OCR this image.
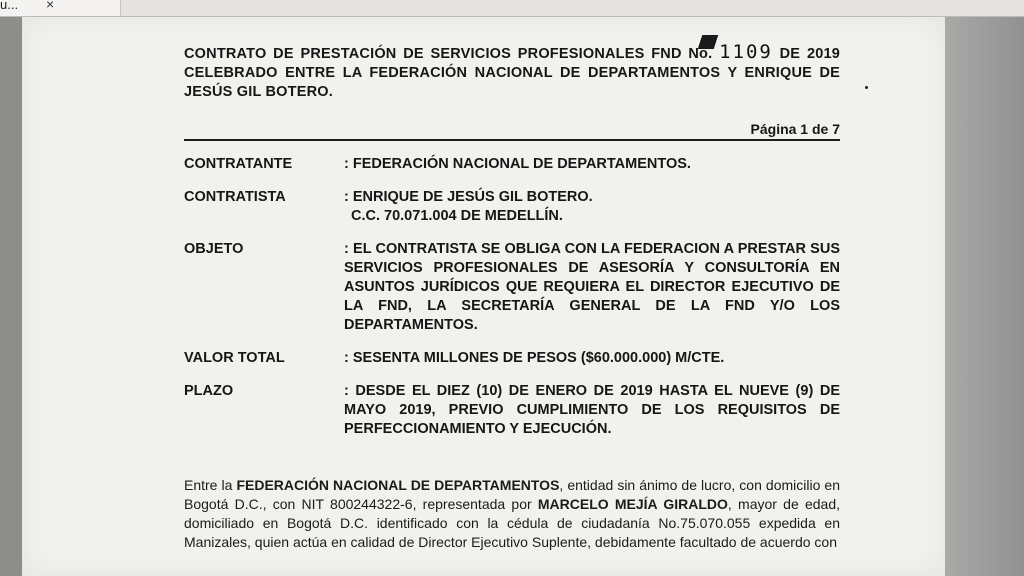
u... ×

CONTRATO DE PRESTACIÓN DE SERVICIOS PROFESIONALES FND No. 1109 DE 2019 CELEBRADO ENTRE LA FEDERACIÓN NACIONAL DE DEPARTAMENTOS Y ENRIQUE DE JESÚS GIL BOTERO.

Página 1 de 7
CONTRATANTE	: FEDERACIÓN NACIONAL DE DEPARTAMENTOS.
CONTRATISTA	: ENRIQUE DE JESÚS GIL BOTERO.
C.C. 70.071.004 DE MEDELLÍN.
OBJETO	: EL CONTRATISTA SE OBLIGA CON LA FEDERACION A PRESTAR SUS SERVICIOS PROFESIONALES DE ASESORÍA Y CONSULTORÍA EN ASUNTOS JURÍDICOS QUE REQUIERA EL DIRECTOR EJECUTIVO DE LA FND, LA SECRETARÍA GENERAL DE LA FND Y/O LOS DEPARTAMENTOS.
VALOR TOTAL	: SESENTA MILLONES DE PESOS ($60.000.000) M/CTE.
PLAZO	: DESDE EL DIEZ (10) DE ENERO DE 2019 HASTA EL NUEVE (9) DE MAYO 2019, PREVIO CUMPLIMIENTO DE LOS REQUISITOS DE PERFECCIONAMIENTO Y EJECUCIÓN.

Entre la FEDERACIÓN NACIONAL DE DEPARTAMENTOS, entidad sin ánimo de lucro, con domicilio en Bogotá D.C., con NIT 800244322-6, representada por MARCELO MEJÍA GIRALDO, mayor de edad, domiciliado en Bogotá D.C. identificado con la cédula de ciudadanía No.75.070.055 expedida en Manizales, quien actúa en calidad de Director Ejecutivo Suplente, debidamente facultado de acuerdo con
